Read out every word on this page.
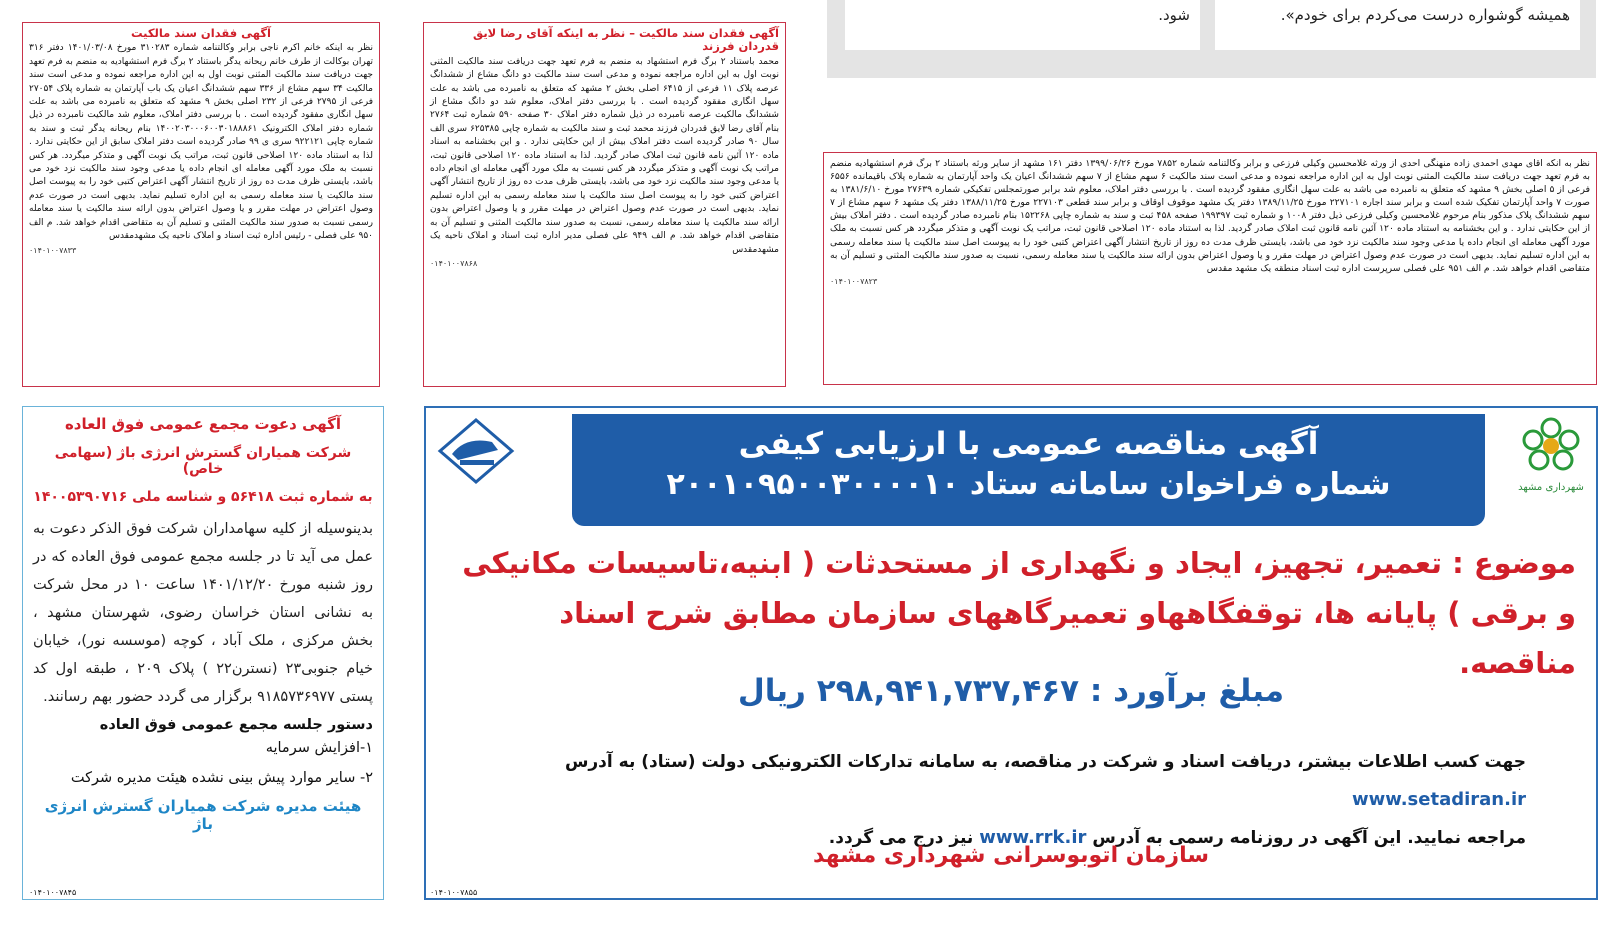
همیشه گوشواره درست می‌کردم برای خودم».
شود.
آگهی فقدان سند مالکیت
نظر به اینکه خانم اکرم ناجی برابر وکالتنامه شماره ۳۱۰۲۸۳ مورخ ۱۴۰۱/۰۳/۰۸ دفتر ۳۱۶ تهران بوکالت از طرف خانم ریحانه یدگر باستناد ۲ برگ فرم استشهادیه به منضم به فرم تعهد جهت دریافت سند مالکیت المثنی نوبت اول به این اداره مراجعه نموده و مدعی است سند مالکیت ۳۴ سهم مشاع از ۳۳۶ سهم ششدانگ اعیان یک باب آپارتمان به شماره پلاک ۲۷۰۵۴ فرعی از ۲۷۹۵ فرعی از ۲۳۲ اصلی بخش ۹ مشهد که متعلق به نامبرده می باشد به علت سهل انگاری مفقود گردیده است . با بررسی دفتر املاک، معلوم شد مالکیت نامبرده در ذیل شماره دفتر املاک الکترونیک ۱۴۰۰۲۰۳۰۰۰۶۰۰۳۰۱۸۸۸۶۱ بنام ریحانه یدگر ثبت و سند به شماره چاپی ۹۲۲۱۲۱ سری ی ۹۹ صادر گردیده است دفتر املاک سابق از این حکایتی ندارد . لذا به استناد ماده ۱۲۰ اصلاحی قانون ثبت، مراتب یک نوبت آگهی و متذکر میگردد. هر کس نسبت به ملک مورد آگهی معامله ای انجام داده یا مدعی وجود سند مالکیت نزد خود می باشد، بایستی ظرف مدت ده روز از تاریخ انتشار آگهی اعتراض کتبی خود را به پیوست اصل سند مالکیت یا سند معامله رسمی به این اداره تسلیم نماید. بدیهی است در صورت عدم وصول اعتراض در مهلت مقرر و یا وصول اعتراض بدون ارائه سند مالکیت یا سند معامله رسمی نسبت به صدور سند مالکیت المثنی و تسلیم آن به متقاضی اقدام خواهد شد. م الف ۹۵۰ علی فصلی - رئیس اداره ثبت اسناد و املاک ناحیه یک مشهدمقدس
۰۱۴۰۱۰۰۷۸۳۳
آگهی فقدان سند مالکیت – نظر به اینکه آقای رضا لایق قدردان فرزند
محمد باستناد ۲ برگ فرم استشهاد به منضم به فرم تعهد جهت دریافت سند مالکیت المثنی نوبت اول به این اداره مراجعه نموده و مدعی است سند مالکیت دو دانگ مشاع از ششدانگ عرصه پلاک ۱۱ فرعی از ۶۴۱۵ اصلی بخش ۲ مشهد که متعلق به نامبرده می باشد به علت سهل انگاری مفقود گردیده است . با بررسی دفتر املاک، معلوم شد دو دانگ مشاع از ششدانگ مالکیت عرصه نامبرده در ذیل شماره دفتر املاک ۳۰ صفحه ۵۹۰ شماره ثبت ۲۷۶۴ بنام آقای رضا لایق قدردان فرزند محمد ثبت و سند مالکیت به شماره چاپی ۶۲۵۳۸۵ سری الف سال ۹۰ صادر گردیده است دفتر املاک بیش از این حکایتی ندارد . و این بخشنامه به اسناد ماده ۱۲۰ آئین نامه قانون ثبت املاک صادر گردید. لذا به استناد ماده ۱۲۰ اصلاحی قانون ثبت، مراتب یک نوبت آگهی و متذکر میگردد هر کس نسبت به ملک مورد آگهی معامله ای انجام داده یا مدعی وجود سند مالکیت نزد خود می باشد، بایستی ظرف مدت ده روز از تاریخ انتشار آگهی اعتراض کتبی خود را به پیوست اصل سند مالکیت یا سند معامله رسمی به این اداره تسلیم نماید. بدیهی است در صورت عدم وصول اعتراض در مهلت مقرر و یا وصول اعتراض بدون ارائه سند مالکیت یا سند معامله رسمی، نسبت به صدور سند مالکیت المثنی و تسلیم آن به متقاضی اقدام خواهد شد. م الف ۹۴۹ علی فصلی مدیر اداره ثبت اسناد و املاک ناحیه یک مشهدمقدس
۰۱۴۰۱۰۰۷۸۶۸
نظر به انکه اقای مهدی احمدی زاده منهنگی احدی از ورثه غلامحسین وکیلی فرزعی و برابر وکالتنامه شماره ۷۸۵۲ مورخ ۱۳۹۹/۰۶/۲۶ دفتر ۱۶۱ مشهد از سایر ورثه باستناد ۲ برگ فرم استشهادیه منضم به فرم تعهد جهت دریافت سند مالکیت المثنی نوبت اول به این اداره مراجعه نموده و مدعی است سند مالکیت ۶ سهم مشاع از ۷ سهم ششدانگ اعیان یک واحد آپارتمان به شماره پلاک باقیمانده ۶۵۵۶ فرعی از ۵ اصلی بخش ۹ مشهد که متعلق به نامبرده می باشد به علت سهل انگاری مفقود گردیده است . با بررسی دفتر املاک، معلوم شد برابر صورتمجلس تفکیکی شماره ۲۷۶۳۹ مورخ ۱۳۸۱/۶/۱۰ به صورت ۷ واحد آپارتمان تفکیک شده است و برابر سند اجاره ۲۲۷۱۰۱ مورخ ۱۳۸۹/۱۱/۲۵ دفتر یک مشهد موقوف اوقاف و برابر سند قطعی ۲۲۷۱۰۳ مورخ ۱۳۸۸/۱۱/۲۵ دفتر یک مشهد ۶ سهم مشاع از ۷ سهم ششدانگ پلاک مذکور بنام مرحوم غلامحسین وکیلی فرزعی ذیل دفتر ۱۰۰۸ و شماره ثبت ۱۹۹۳۹۷ صفحه ۴۵۸ ثبت و سند به شماره چاپی ۱۵۲۲۶۸ بنام نامبرده صادر گردیده است . دفتر املاک بیش از این حکایتی ندارد . و این بخشنامه به استناد ماده ۱۲۰ آئین نامه قانون ثبت املاک صادر گردید. لذا به استناد ماده ۱۲۰ اصلاحی قانون ثبت، مراتب یک نوبت آگهی و متذکر میگردد هر کس نسبت به ملک مورد آگهی معامله ای انجام داده یا مدعی وجود سند مالکیت نزد خود می باشد، بایستی ظرف مدت ده روز از تاریخ انتشار آگهی اعتراض کتبی خود را به پیوست اصل سند مالکیت یا سند معامله رسمی به این اداره تسلیم نماید. بدیهی است در صورت عدم وصول اعتراض در مهلت مقرر و یا وصول اعتراض بدون ارائه سند مالکیت یا سند معامله رسمی، نسبت به صدور سند مالکیت المثنی و تسلیم آن به متقاضی اقدام خواهد شد. م الف ۹۵۱ علی فصلی سرپرست اداره ثبت اسناد منطقه یک مشهد مقدس
۰۱۴۰۱۰۰۷۸۲۳
آگهی دعوت مجمع عمومی فوق العاده
شرکت همیاران گسترش انرژی باژ (سهامی خاص)
به شماره ثبت ۵۶۴۱۸ و شناسه ملی ۱۴۰۰۵۳۹۰۷۱۶
بدینوسیله از کلیه سهامداران شرکت فوق الذکر دعوت به عمل می آید تا در جلسه مجمع عمومی فوق العاده که در روز شنبه مورخ ۱۴۰۱/۱۲/۲۰ ساعت ۱۰ در محل شرکت به نشانی استان خراسان رضوی، شهرستان مشهد ، بخش مرکزی ، ملک آباد ، کوچه (موسسه نور)، خیابان خیام جنوبی۲۳ (نسترن۲۲ ) پلاک ۲۰۹ ، طبقه اول کد پستی ۹۱۸۵۷۳۶۹۷۷ برگزار می گردد حضور بهم رسانند.
دستور جلسه مجمع عمومی فوق العاده
۱-افزایش سرمایه
۲- سایر موارد پیش بینی نشده هیئت مدیره شرکت
هیئت مدیره شرکت همیاران گسترش انرژی باژ
۰۱۴۰۱۰۰۷۸۴۵
آگهی مناقصه عمومی با ارزیابی کیفی
شماره فراخوان سامانه ستاد ۲۰۰۱۰۹۵۰۰۳۰۰۰۰۱۰	شهرداری مشهد
موضوع : تعمیر، تجهیز، ایجاد و نگهداری از مستحدثات ( ابنیه،تاسیسات مکانیکی و برقی ) پایانه ها، توقفگاههاو تعمیرگاههای سازمان مطابق شرح اسناد مناقصه.
مبلغ برآورد : ۲۹۸,۹۴۱,۷۳۷,۴۶۷ ریال
جهت کسب اطلاعات بیشتر، دریافت اسناد و شرکت در مناقصه، به سامانه تدارکات الکترونیکی دولت (ستاد) به آدرس www.setadiran.ir
مراجعه نمایید. این آگهی در روزنامه رسمی به آدرس www.rrk.ir نیز درج می گردد.
سازمان اتوبوسرانی شهرداری مشهد
۰۱۴۰۱۰۰۷۸۵۵
